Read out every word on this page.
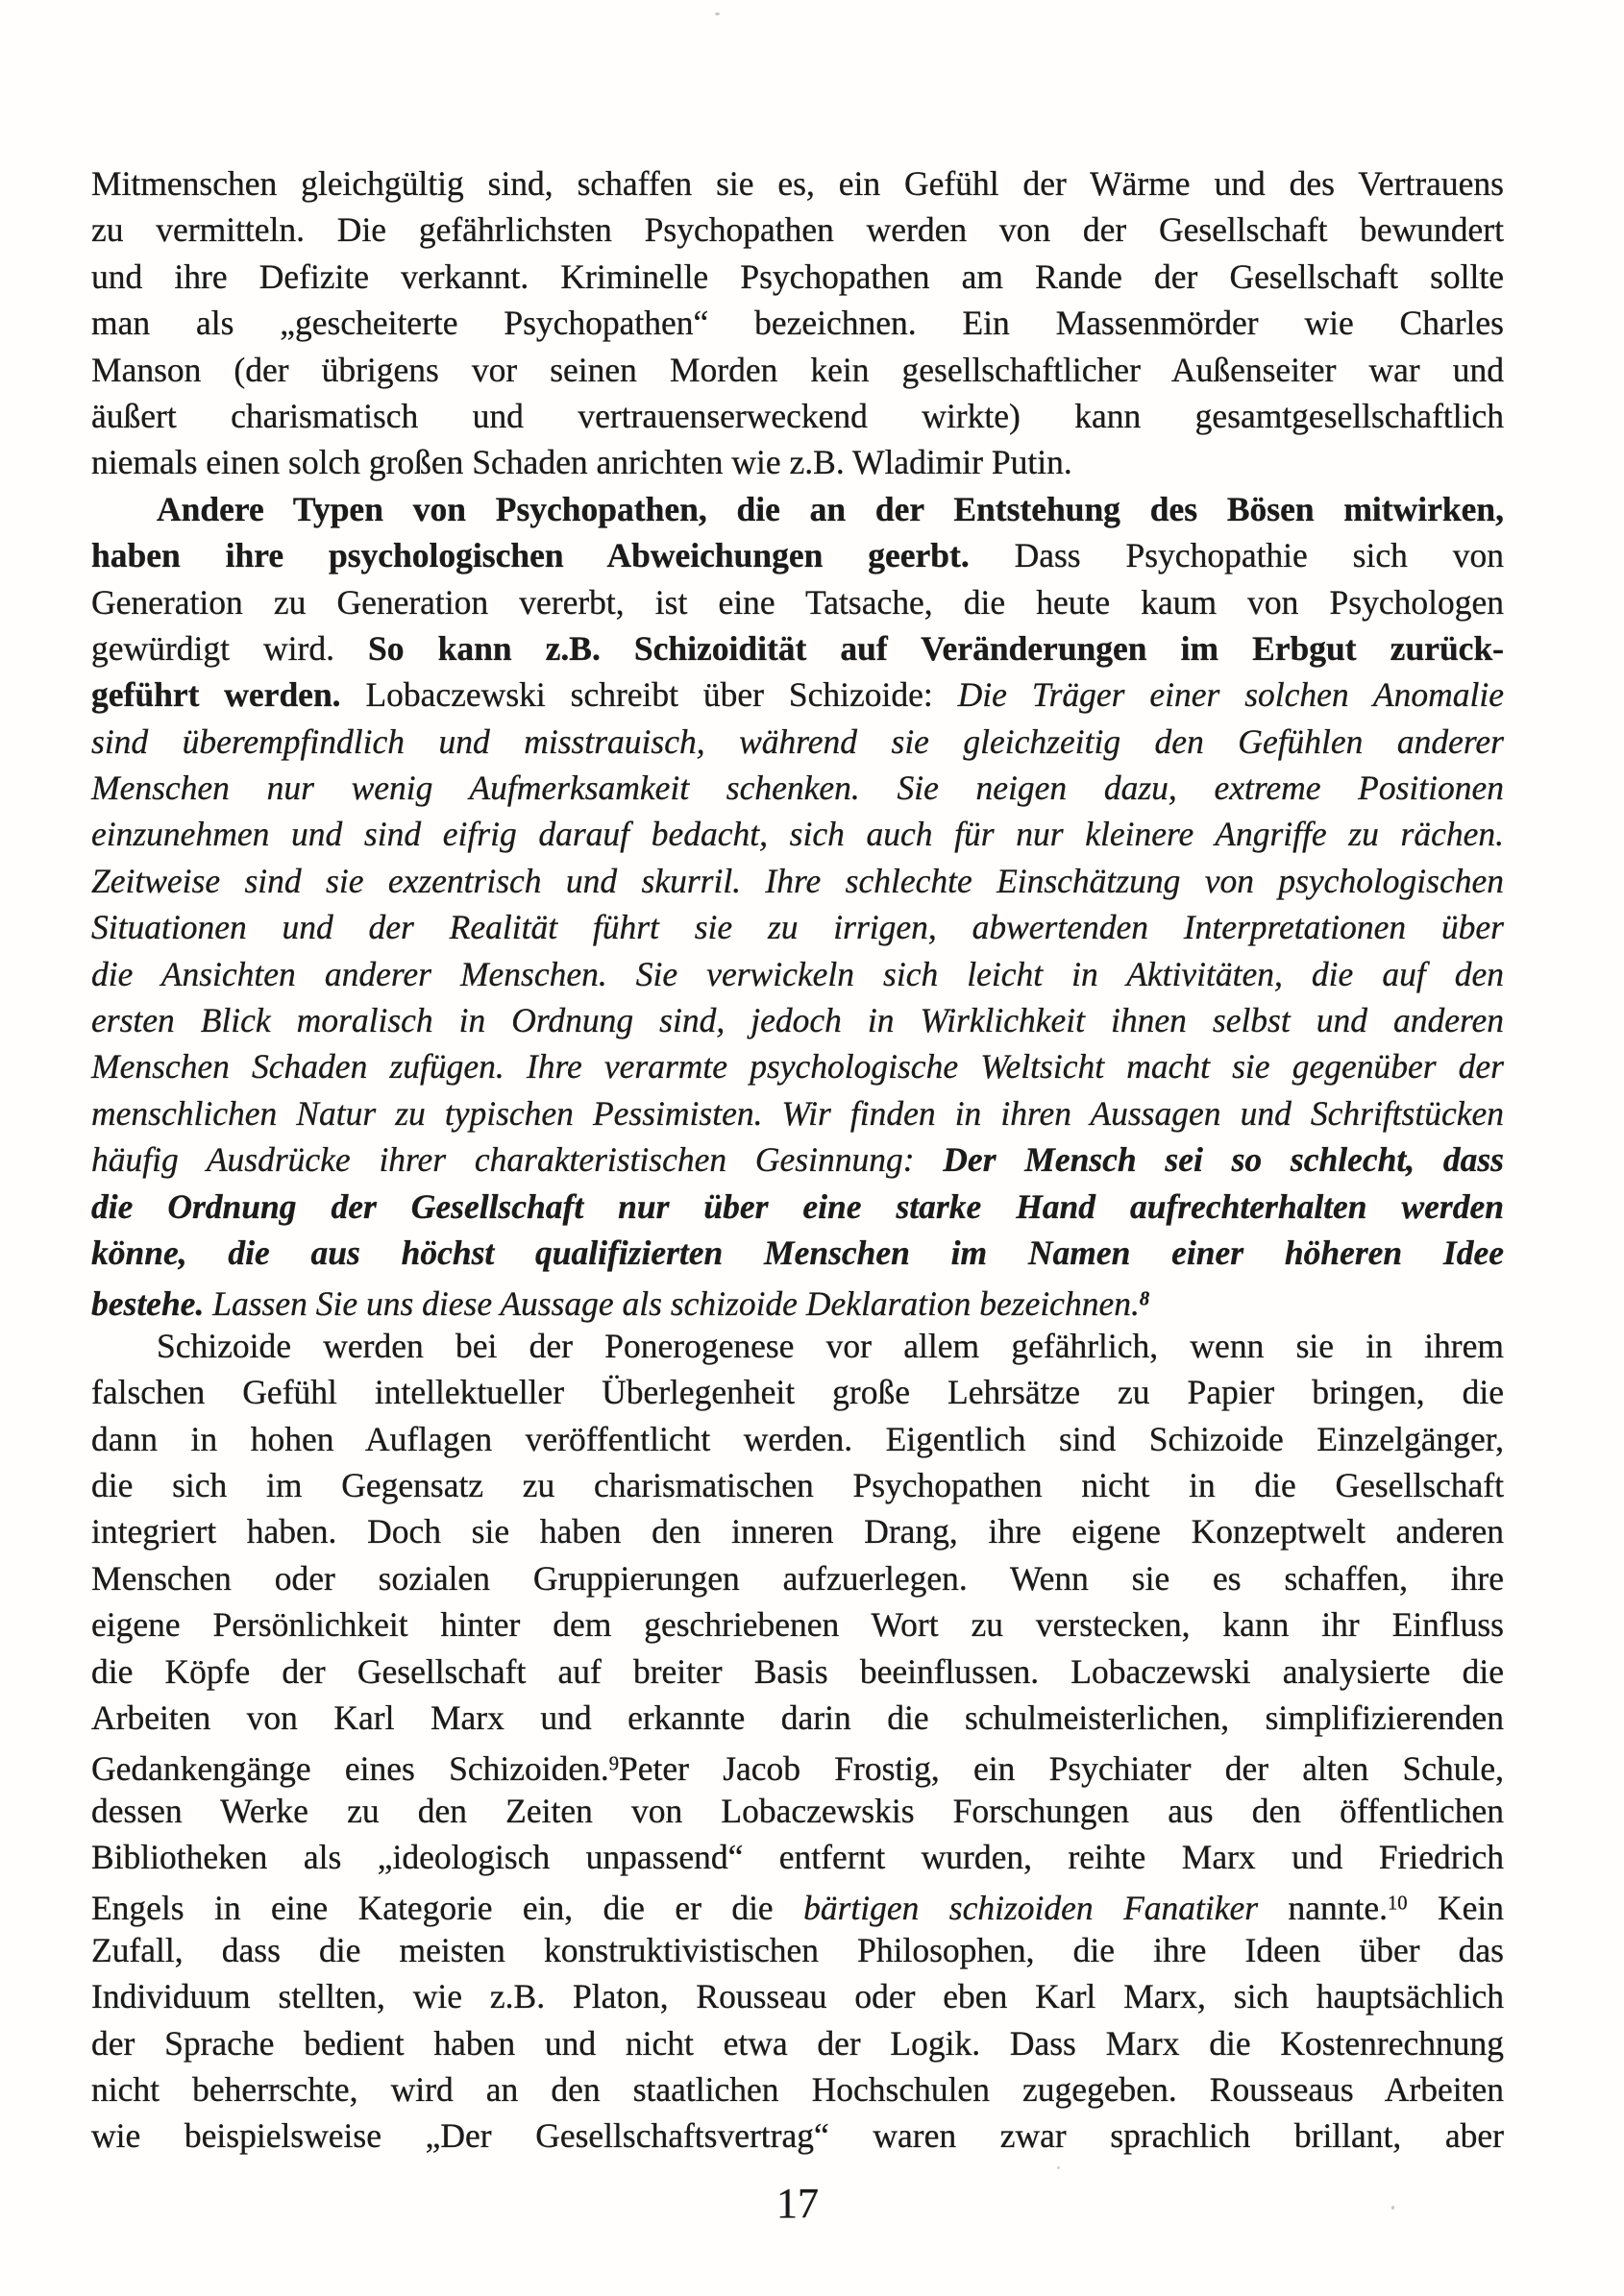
Mitmenschen gleichgültig sind, schaffen sie es, ein Gefühl der Wärme und des Vertrauens
zu vermitteln. Die gefährlichsten Psychopathen werden von der Gesellschaft bewundert
und ihre Defizite verkannt. Kriminelle Psychopathen am Rande der Gesellschaft sollte
man als „gescheiterte Psychopathen“ bezeichnen. Ein Massenmörder wie Charles
Manson (der übrigens vor seinen Morden kein gesellschaftlicher Außenseiter war und
äußert charismatisch und vertrauenserweckend wirkte) kann gesamtgesellschaftlich
niemals einen solch großen Schaden anrichten wie z.B. Wladimir Putin.
Andere Typen von Psychopathen, die an der Entstehung des Bösen mitwirken,
haben ihre psychologischen Abweichungen geerbt. Dass Psychopathie sich von
Generation zu Generation vererbt, ist eine Tatsache, die heute kaum von Psychologen
gewürdigt wird. So kann z.B. Schizoidität auf Veränderungen im Erbgut zurück-
geführt werden. Lobaczewski schreibt über Schizoide: Die Träger einer solchen Anomalie
sind überempfindlich und misstrauisch, während sie gleichzeitig den Gefühlen anderer
Menschen nur wenig Aufmerksamkeit schenken. Sie neigen dazu, extreme Positionen
einzunehmen und sind eifrig darauf bedacht, sich auch für nur kleinere Angriffe zu rächen.
Zeitweise sind sie exzentrisch und skurril. Ihre schlechte Einschätzung von psychologischen
Situationen und der Realität führt sie zu irrigen, abwertenden Interpretationen über
die Ansichten anderer Menschen. Sie verwickeln sich leicht in Aktivitäten, die auf den
ersten Blick moralisch in Ordnung sind, jedoch in Wirklichkeit ihnen selbst und anderen
Menschen Schaden zufügen. Ihre verarmte psychologische Weltsicht macht sie gegenüber der
menschlichen Natur zu typischen Pessimisten. Wir finden in ihren Aussagen und Schriftstücken
häufig Ausdrücke ihrer charakteristischen Gesinnung: Der Mensch sei so schlecht, dass
die Ordnung der Gesellschaft nur über eine starke Hand aufrechterhalten werden
könne, die aus höchst qualifizierten Menschen im Namen einer höheren Idee
bestehe. Lassen Sie uns diese Aussage als schizoide Deklaration bezeichnen.$^8$
Schizoide werden bei der Ponerogenese vor allem gefährlich, wenn sie in ihrem
falschen Gefühl intellektueller Überlegenheit große Lehrsätze zu Papier bringen, die
dann in hohen Auflagen veröffentlicht werden. Eigentlich sind Schizoide Einzelgänger,
die sich im Gegensatz zu charismatischen Psychopathen nicht in die Gesellschaft
integriert haben. Doch sie haben den inneren Drang, ihre eigene Konzeptwelt anderen
Menschen oder sozialen Gruppierungen aufzuerlegen. Wenn sie es schaffen, ihre
eigene Persönlichkeit hinter dem geschriebenen Wort zu verstecken, kann ihr Einfluss
die Köpfe der Gesellschaft auf breiter Basis beeinflussen. Lobaczewski analysierte die
Arbeiten von Karl Marx und erkannte darin die schulmeisterlichen, simplifizierenden
Gedankengänge eines Schizoiden.$^9$Peter Jacob Frostig, ein Psychiater der alten Schule,
dessen Werke zu den Zeiten von Lobaczewskis Forschungen aus den öffentlichen
Bibliotheken als „ideologisch unpassend“ entfernt wurden, reihte Marx und Friedrich
Engels in eine Kategorie ein, die er die bärtigen schizoiden Fanatiker nannte.$^{10}$ Kein
Zufall, dass die meisten konstruktivistischen Philosophen, die ihre Ideen über das
Individuum stellten, wie z.B. Platon, Rousseau oder eben Karl Marx, sich hauptsächlich
der Sprache bedient haben und nicht etwa der Logik. Dass Marx die Kostenrechnung
nicht beherrschte, wird an den staatlichen Hochschulen zugegeben. Rousseaus Arbeiten
wie beispielsweise „Der Gesellschaftsvertrag“ waren zwar sprachlich brillant, aber
17
